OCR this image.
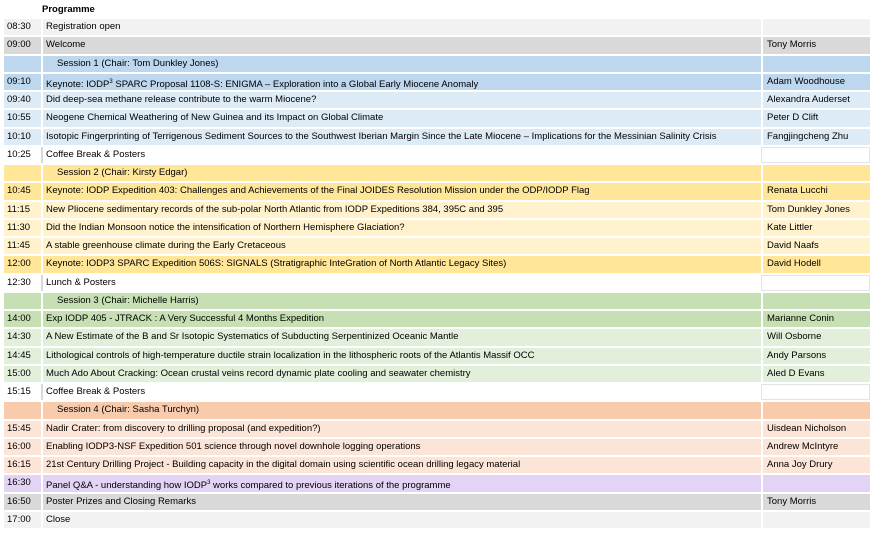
Programme
08:30	Registration open
09:00	Welcome	Tony Morris
Session 1 (Chair: Tom Dunkley Jones)
09:10	Keynote: IODP$^3$ SPARC Proposal 1108-S: ENIGMA – Exploration into a Global Early Miocene Anomaly	Adam Woodhouse
09:40	Did deep-sea methane release contribute to the warm Miocene?	Alexandra Auderset
10:55	Neogene Chemical Weathering of New Guinea and its Impact on Global Climate	Peter D Clift
10:10	Isotopic Fingerprinting of Terrigenous Sediment Sources to the Southwest Iberian Margin Since the Late Miocene – Implications for the Messinian Salinity Crisis	Fangjingcheng Zhu
10:25	Coffee Break & Posters
Session 2 (Chair: Kirsty Edgar)
10:45	Keynote: IODP Expedition 403: Challenges and Achievements of the Final JOIDES Resolution Mission under the ODP/IODP Flag	Renata Lucchi
11:15	New Pliocene sedimentary records of the sub-polar North Atlantic from IODP Expeditions 384, 395C and 395	Tom Dunkley Jones
11:30	Did the Indian Monsoon notice the intensification of Northern Hemisphere Glaciation?	Kate Littler
11:45	A stable greenhouse climate during the Early Cretaceous	David Naafs
12:00	Keynote: IODP3 SPARC Expedition 506S: SIGNALS (Stratigraphic InteGration of North Atlantic Legacy Sites)	David Hodell
12:30	Lunch & Posters
Session 3 (Chair: Michelle Harris)
14:00	Exp IODP 405 - JTRACK : A Very Successful 4 Months Expedition	Marianne Conin
14:30	A New Estimate of the B and Sr Isotopic Systematics of Subducting Serpentinized Oceanic Mantle	Will Osborne
14:45	Lithological controls of high-temperature ductile strain localization in the lithospheric roots of the Atlantis Massif OCC	Andy Parsons
15:00	Much Ado About Cracking: Ocean crustal veins record dynamic plate cooling and seawater chemistry	Aled D Evans
15:15	Coffee Break & Posters
Session 4 (Chair: Sasha Turchyn)
15:45	Nadir Crater: from discovery to drilling proposal (and expedition?)	Uisdean Nicholson
16:00	Enabling IODP3-NSF Expedition 501 science through novel downhole logging operations	Andrew McIntyre
16:15	21st Century Drilling Project - Building capacity in the digital domain using scientific ocean drilling legacy material	Anna Joy Drury
16:30	Panel Q&A - understanding how IODP$^3$ works compared to previous iterations of the programme
16:50	Poster Prizes and Closing Remarks	Tony Morris
17:00	Close
